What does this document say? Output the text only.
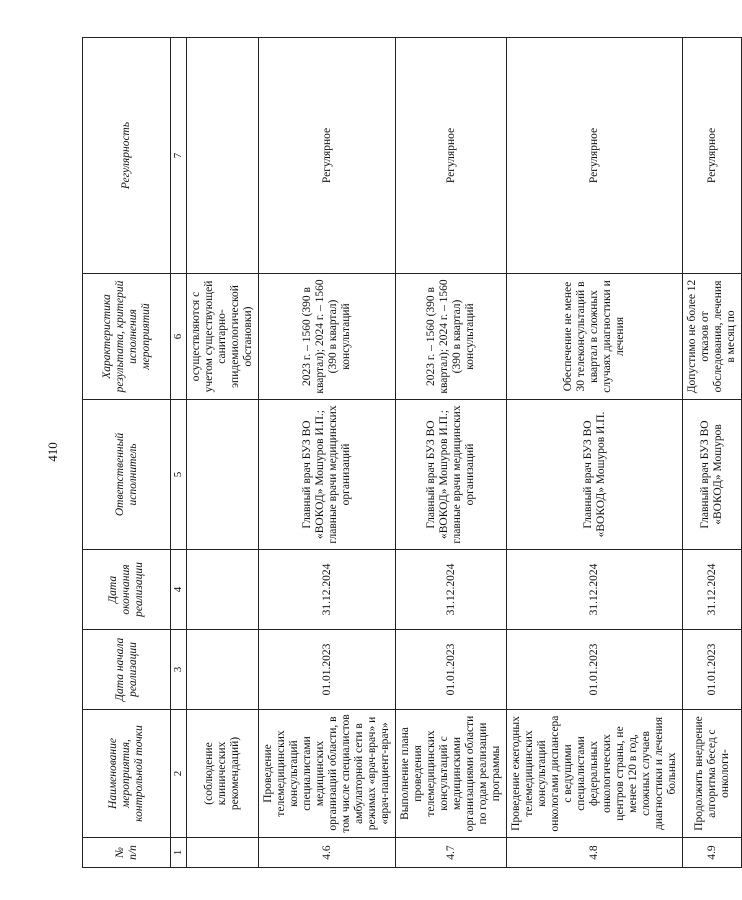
410
№ п/п	Наименование мероприятия, контрольной точки	Дата начала реализации	Дата окончания реализации	Ответственный исполнитель	Характеристика результата, критерий исполнения мероприятий	Регулярность
1	2	3	4	5	6	7
	(соблюдение клинических рекомендаций)				осуществляются с учетом существующей санитарно-эпидемиологической обстановки)	
4.6	Проведение телемедицинских консультаций специалистами медицинских организаций области, в том числе специалистов амбулаторной сети в режимах «врач-врач» и «врач-пациент-врач»	01.01.2023	31.12.2024	Главный врач БУЗ ВО «ВОКОД» Мошуров И.П.; главные врачи медицинских организаций	2023 г. – 1560 (390 в квартал); 2024 г. – 1560 (390 в квартал) консультаций	Регулярное
4.7	Выполнение плана проведения телемедицинских консультаций с медицинскими организациями области по годам реализации программы	01.01.2023	31.12.2024	Главный врач БУЗ ВО «ВОКОД» Мошуров И.П.; главные врачи медицинских организаций	2023 г. – 1560 (390 в квартал); 2024 г. – 1560 (390 в квартал) консультаций	Регулярное
4.8	Проведение ежегодных телемедицинских консультаций онкологами диспансера с ведущими специалистами федеральных онкологических центров страны, не менее 120 в год, сложных случаев диагностики и лечения больных	01.01.2023	31.12.2024	Главный врач БУЗ ВО «ВОКОД» Мошуров И.П.	Обеспечение не менее 30 телеконсультаций в квартал в сложных случаях диагностики и лечения	Регулярное
4.9	Продолжить внедрение алгоритма бесед с онкологи-	01.01.2023	31.12.2024	Главный врач БУЗ ВО «ВОКОД» Мошуров	Допустимо не более 12 отказов от обследования, лечения в месяц по	Регулярное
